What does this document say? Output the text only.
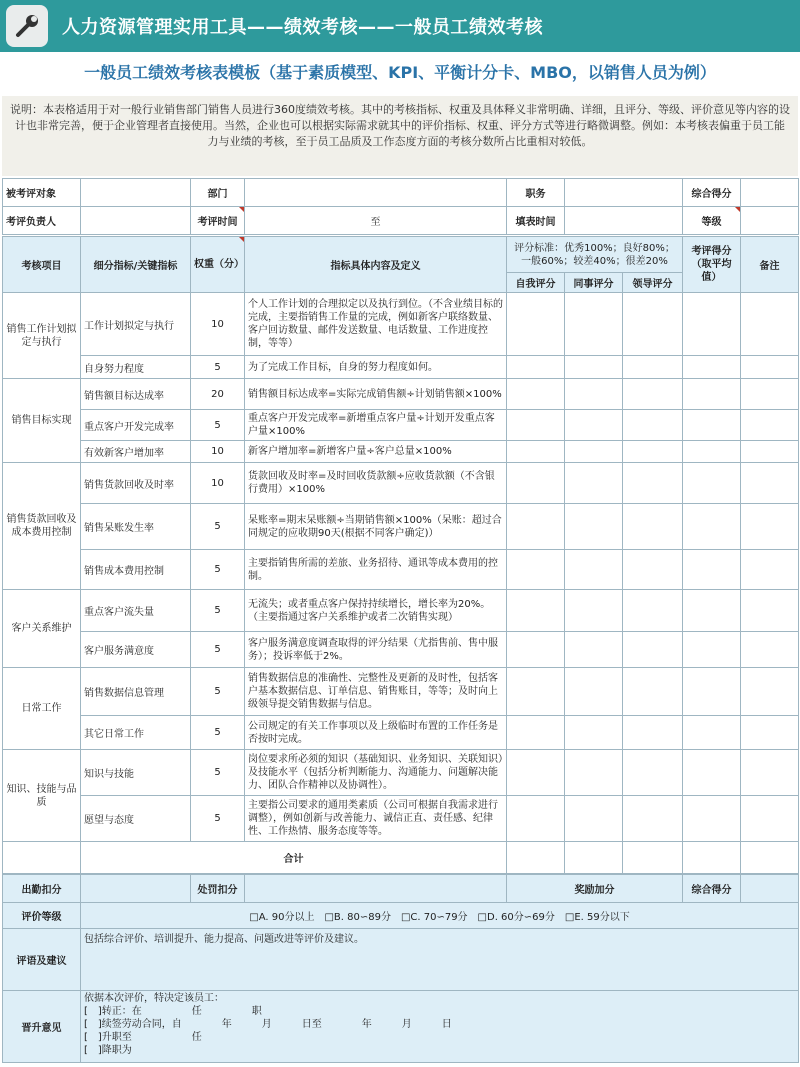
人力资源管理实用工具——绩效考核——一般员工绩效考核
一般员工绩效考核表模板（基于素质模型、KPI、平衡计分卡、MBO，以销售人员为例）
说明：本表格适用于对一般行业销售部门销售人员进行360度绩效考核。其中的考核指标、权重及具体释义非常明确、详细，且评分、等级、评价意见等内容的设计也非常完善，便于企业管理者直接使用。当然，企业也可以根据实际需求就其中的评价指标、权重、评分方式等进行略微调整。例如：本考核表偏重于员工能力与业绩的考核，至于员工品质及工作态度方面的考核分数所占比重相对较低。
被考评对象		部门		职务		综合得分	
考评负责人		考评时间	至	填表时间		等级	
考核项目	细分指标/关键指标	权重（分）	指标具体内容及定义	评分标准：优秀100%；良好80%；一般60%；较差40%；很差20%			考评得分（取平均值）	备注
				自我评分	同事评分	领导评分		
销售工作计划拟定与执行	工作计划拟定与执行	10	个人工作计划的合理拟定以及执行到位。（不含业绩目标的完成，主要指销售工作量的完成，例如新客户联络数量、客户回访数量、邮件发送数量、电话数量、工作进度控制，等等）					
	自身努力程度	5	为了完成工作目标，自身的努力程度如何。					
销售目标实现	销售额目标达成率	20	销售额目标达成率=实际完成销售额÷计划销售额×100%					
	重点客户开发完成率	5	重点客户开发完成率=新增重点客户量÷计划开发重点客户量×100%					
	有效新客户增加率	10	新客户增加率=新增客户量÷客户总量×100%					
销售货款回收及成本费用控制	销售货款回收及时率	10	货款回收及时率=及时回收货款额÷应收货款额（不含银行费用）×100%					
	销售呆账发生率	5	呆账率=期末呆账额÷当期销售额×100%（呆账：超过合同规定的应收期90天(根据不同客户确定)）					
	销售成本费用控制	5	主要指销售所需的差旅、业务招待、通讯等成本费用的控制。					
客户关系维护	重点客户流失量	5	无流失；或者重点客户保持持续增长，增长率为20%。（主要指通过客户关系维护或者二次销售实现）					
	客户服务满意度	5	客户服务满意度调查取得的评分结果（尤指售前、售中服务）；投诉率低于2%。					
日常工作	销售数据信息管理	5	销售数据信息的准确性、完整性及更新的及时性，包括客户基本数据信息、订单信息、销售账目，等等；及时向上级领导提交销售数据与信息。					
	其它日常工作	5	公司规定的有关工作事项以及上级临时布置的工作任务是否按时完成。					
知识、技能与品质	知识与技能	5	岗位要求所必须的知识（基础知识、业务知识、关联知识）及技能水平（包括分析判断能力、沟通能力、问题解决能力、团队合作精神以及协调性）。					
	愿望与态度	5	主要指公司要求的通用类素质（公司可根据自我需求进行调整），例如创新与改善能力、诚信正直、责任感、纪律性、工作热情、服务态度等等。					
	合计							
出勤扣分		处罚扣分		奖励加分	综合得分	
评价等级	□A. 90分以上　□B. 80∽89分　□C. 70∽79分　□D. 60分∽69分　□E. 59分以下					
评语及建议	包括综合评价、培训提升、能力提高、问题改进等评价及建议。					
晋升意见	依据本次评价，特决定该员工：
[　]转正：在　　　　　任　　　　　职
[　]续签劳动合同，自　　　　年　　　月　　　日至　　　　年　　　月　　　日
[　]升职至　　　　　　任
[　]降职为					
